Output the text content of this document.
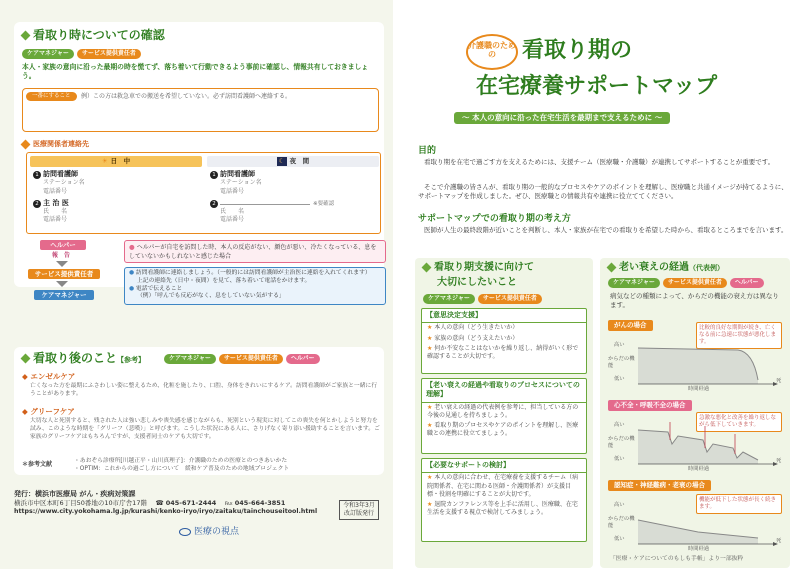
看取り時についての確認
ケアマネジャー サービス提供責任者
本人・家族の意向に沿った最期の時を慌てず、落ち着いて行動できるよう事前に確認し、情報共有しておきましょう。
一番にすること	例）この方は救急車での搬送を希望していない。必ず訪問看護師へ連絡する。
医療関係者連絡先
☀ 日　中
1 訪問看護師
ステーション名
電話番号
2 主 治 医
氏　　名
電話番号
☾ 夜　間
1 訪問看護師
ステーション名
電話番号
2	※要確認
氏　　名
電話番号
ヘルパー
報　告
サービス提供責任者
ケアマネジャー
● ヘルパーが自宅を訪問した時、本人の反応がない、顔色が悪い、冷たくなっている、息をしていないかもしれないと感じた場合
● 訪問看護師に連絡しましょう。（一般的には訪問看護師が主治医に連絡を入れてくれます）
上記の連絡先（日中・夜間）を見て、落ち着いて電話をかけます。
● 電話で伝えること
（例）「呼んでも反応がなく、息をしていない気がする」
看取り後のこと【参考】	ケアマネジャー サービス提供責任者 ヘルパー
◆ エンゼルケア
亡くなった方を最期にふさわしい姿に整えるため、化粧を施したり、口腔、身体をきれいにするケア。訪問看護師がご家族と一緒に行うことがあります。
◆ グリーフケア
大切な人と死別すると、残された人は強い悲しみや喪失感を感じながらも、死別という現実に対してこの喪失を何とかしようと努力を試み、このような時期を「グリーフ（悲嘆）」と呼びます。こうした状況にある人に、さりげなく寄り添い援助することを言います。ご家族のグリーフケアはもちろんですが、支援者同士のケアも大切です。
＊参考文献	・あおぞら診療所[川越正平・山川真理子]：介護職のための医療とのつきあいかた
・OPTIM：これからの過ごし方について　緩和ケア普及のための地域プロジェクト
発行：横浜市医療局 がん・疾病対策課
横浜市中区本町6丁目50番地の10市庁舎17階 　☎ 045-671-2444 　℻ 045-664-3851
https://www.city.yokohama.lg.jp/kurashi/kenko-iryo/iryo/zaitaku/tainchouseitool.html
令和3年3月改訂版発行
医療の視点
介護職のための	看取り期の
在宅療養サポートマップ
～ 本人の意向に沿った在宅生活を最期まで支えるために ～
目的
看取り期を在宅で過ごす方を支えるためには、支援チーム（医療職・介護職）が連携してサポートすることが重要です。
そこで介護職の皆さんが、看取り期の一般的なプロセスやケアのポイントを理解し、医療職と共通イメージが持てるように、サポートマップを作成しました。ぜひ、医療職との情報共有や連携に役立ててください。
サポートマップでの看取り期の考え方
医師が人生の最終段階が近いことを判断し、本人・家族が在宅での看取りを希望した時から、看取るところまでを言います。
看取り期支援に向けて
大切にしたいこと
ケアマネジャー サービス提供責任者
【意思決定支援】
★ 本人の意向（どう生きたいか）
★ 家族の意向（どう支えたいか）
★ 何か不安なことはないかを繰り返し、納得がいく形で確認することが大切です。
【老い衰えの経過や看取りのプロセスについての理解】
★ 老い衰えの経過の代表例を参考に、担当している方の今後の見通しを持ちましょう。
★ 看取り期のプロセスやケアのポイントを理解し、医療職との連携に役立てましょう。
【必要なサポートの検討】
★ 本人の意向に合わせ、在宅療養を支援するチーム（病院関係者、在宅に関わる医師・介護関係者）が支援目標・役割を明確にすることが大切です。
★ 退院カンファレンス等を上手に活用し、医療職、在宅生活を支援する視点で検討してみましょう。
老い衰えの経過（代表例）
ケアマネジャー サービス提供責任者 ヘルパー
病気などの種類によって、からだの機能の衰え方は異なります。
がんの場合	比較的良好な期間が続き、亡くなる前に急速に状態が悪化します。
高い
からだの機能
低い
時間経過
死
心不全・呼吸不全の場合
急激な悪化と改善を繰り返しながら低下していきます。
高い
からだの機能
低い
時間経過
死
認知症・神経難病・老衰の場合
機能が低下した状態が長く続きます。
高い
からだの機能
低い
時間経過
死
「医療・ケアについてのもしも手帳」より一部抜粋
